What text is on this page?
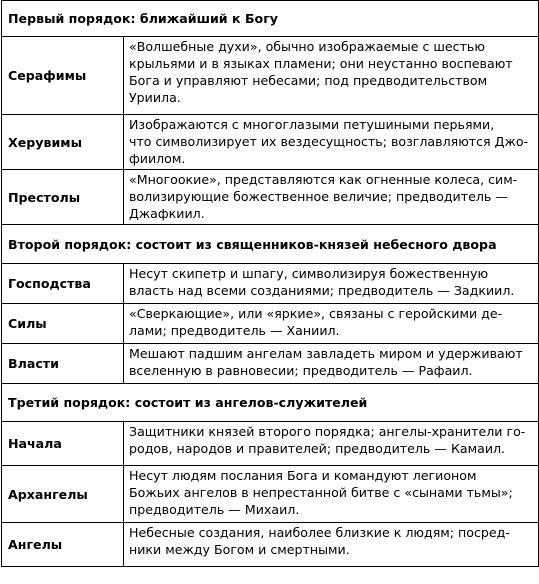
Первый порядок: ближайший к Богу
Серафимы
«Волшебные духи», обычно изображаемые с шестью
крыльями и в языках пламени; они неустанно воспевают
Бога и управляют небесами; под предводительством
Уриила.
Херувимы
Изображаются с многоглазыми петушиными перьями,
что символизирует их вездесущность; возглавляются Джо-
фиилом.
Престолы
«Многоокие», представляются как огненные колеса, сим-
волизирующие божественное величие; предводитель —
Джафкиил.
Второй порядок: состоит из священников-князей небесного двора
Господства
Несут скипетр и шпагу, символизируя божественную
власть над всеми созданиями; предводитель — Задкиил.
Силы
«Сверкающие», или «яркие», связаны с геройскими де-
лами; предводитель — Ханиил.
Власти
Мешают падшим ангелам завладеть миром и удерживают
вселенную в равновесии; предводитель — Рафаил.
Третий порядок: состоит из ангелов-служителей
Начала
Защитники князей второго порядка; ангелы-хранители го-
родов, народов и правителей; предводитель — Камаил.
Архангелы
Несут людям послания Бога и командуют легионом
Божьих ангелов в непрестанной битве с «сынами тьмы»;
предводитель — Михаил.
Ангелы
Небесные создания, наиболее близкие к людям; посред-
ники между Богом и смертными.
